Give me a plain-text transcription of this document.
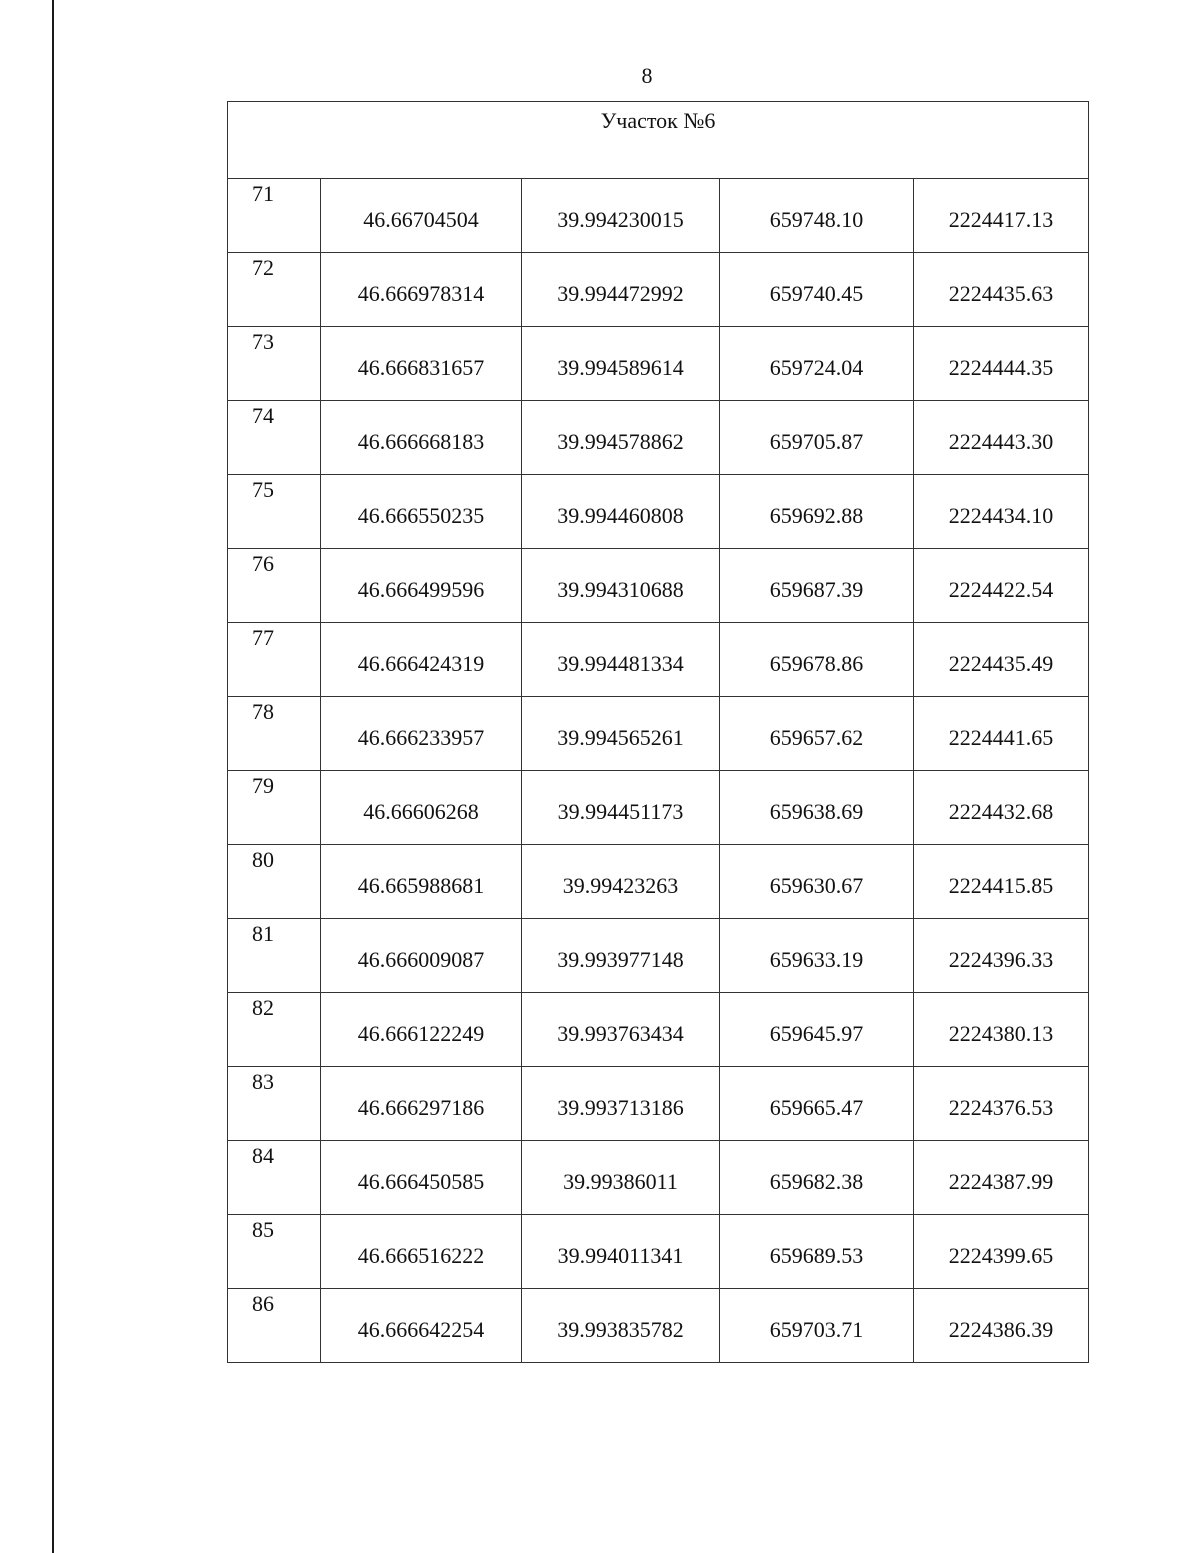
8
Участок №6				
71	46.66704504	39.994230015	659748.10	2224417.13
72	46.666978314	39.994472992	659740.45	2224435.63
73	46.666831657	39.994589614	659724.04	2224444.35
74	46.666668183	39.994578862	659705.87	2224443.30
75	46.666550235	39.994460808	659692.88	2224434.10
76	46.666499596	39.994310688	659687.39	2224422.54
77	46.666424319	39.994481334	659678.86	2224435.49
78	46.666233957	39.994565261	659657.62	2224441.65
79	46.66606268	39.994451173	659638.69	2224432.68
80	46.665988681	39.99423263	659630.67	2224415.85
81	46.666009087	39.993977148	659633.19	2224396.33
82	46.666122249	39.993763434	659645.97	2224380.13
83	46.666297186	39.993713186	659665.47	2224376.53
84	46.666450585	39.99386011	659682.38	2224387.99
85	46.666516222	39.994011341	659689.53	2224399.65
86	46.666642254	39.993835782	659703.71	2224386.39
